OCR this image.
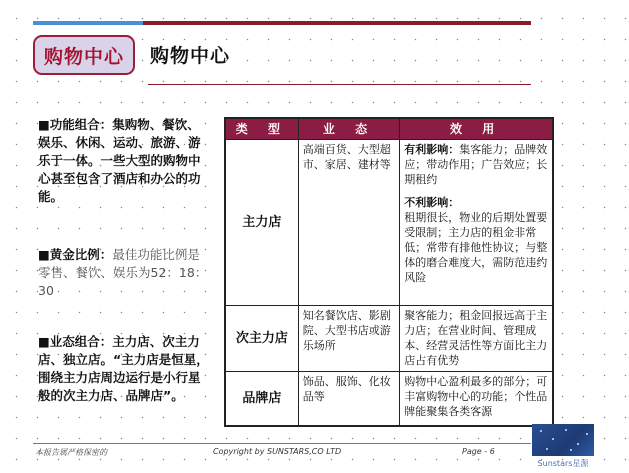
购物中心 购物中心
■功能组合：集购物、餐饮、娱乐、休闲、运动、旅游、游乐于一体。一些大型的购物中心甚至包含了酒店和办公的功能。
■黄金比例：最佳功能比例是零售、餐饮、娱乐为52：18：30
■业态组合：主力店、次主力店、独立店。“主力店是恒星，围绕主力店周边运行是小行星般的次主力店、品牌店”。
类 型	业 态	效 用
主力店	高端百货、大型超市、家居、建材等	有利影响：集客能力；品牌效应；带动作用；广告效应；长期租约
不利影响：
租期很长，物业的后期处置要受限制；主力店的租金非常低；常带有排他性协议；与整体的磨合难度大，需防范违约风险
次主力店	知名餐饮店、影剧院、大型书店或游乐场所	聚客能力；租金回报远高于主力店；在营业时间、管理成本、经营灵活性等方面比主力店占有优势
品牌店	饰品、服饰、化妆品等	购物中心盈利最多的部分；可丰富购物中心的功能；个性品牌能聚集各类客源
本报告属严格保密的	Copyright by SUNSTARS,CO LTD	Page - 6
Sunstars星源
